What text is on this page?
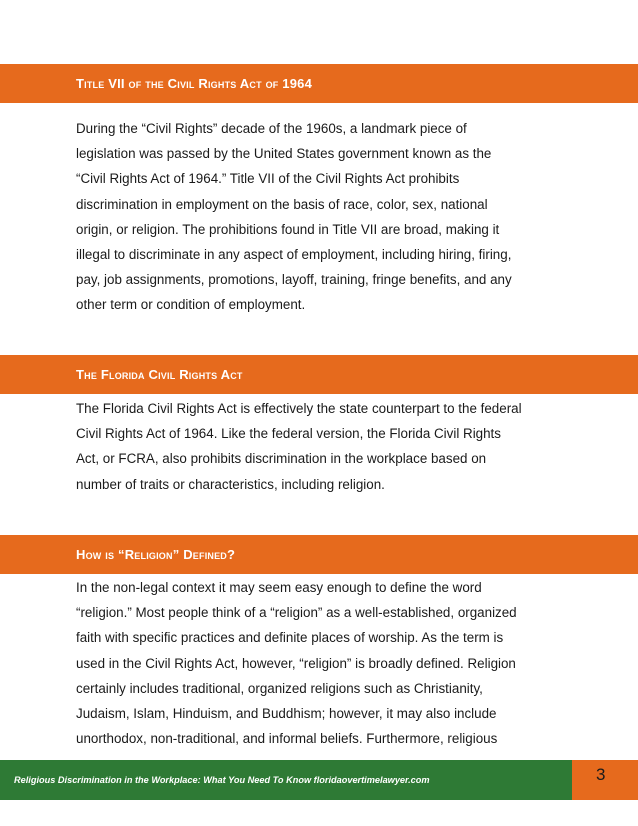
Title VII of the Civil Rights Act of 1964
During the “Civil Rights” decade of the 1960s, a landmark piece of
legislation was passed by the United States government known as the
“Civil Rights Act of 1964.” Title VII of the Civil Rights Act prohibits
discrimination in employment on the basis of race, color, sex, national
origin, or religion. The prohibitions found in Title VII are broad, making it
illegal to discriminate in any aspect of employment, including hiring, firing,
pay, job assignments, promotions, layoff, training, fringe benefits, and any
other term or condition of employment.
The Florida Civil Rights Act
The Florida Civil Rights Act is effectively the state counterpart to the federal
Civil Rights Act of 1964. Like the federal version, the Florida Civil Rights
Act, or FCRA, also prohibits discrimination in the workplace based on
number of traits or characteristics, including religion.
How is “Religion” Defined?
In the non-legal context it may seem easy enough to define the word
“religion.” Most people think of a “religion” as a well-established, organized
faith with specific practices and definite places of worship. As the term is
used in the Civil Rights Act, however, “religion” is broadly defined. Religion
certainly includes traditional, organized religions such as Christianity,
Judaism, Islam, Hinduism, and Buddhism; however, it may also include
unorthodox, non-traditional, and informal beliefs. Furthermore, religious
Religious Discrimination in the Workplace: What You Need To Know floridaovertimelawyer.com	3
